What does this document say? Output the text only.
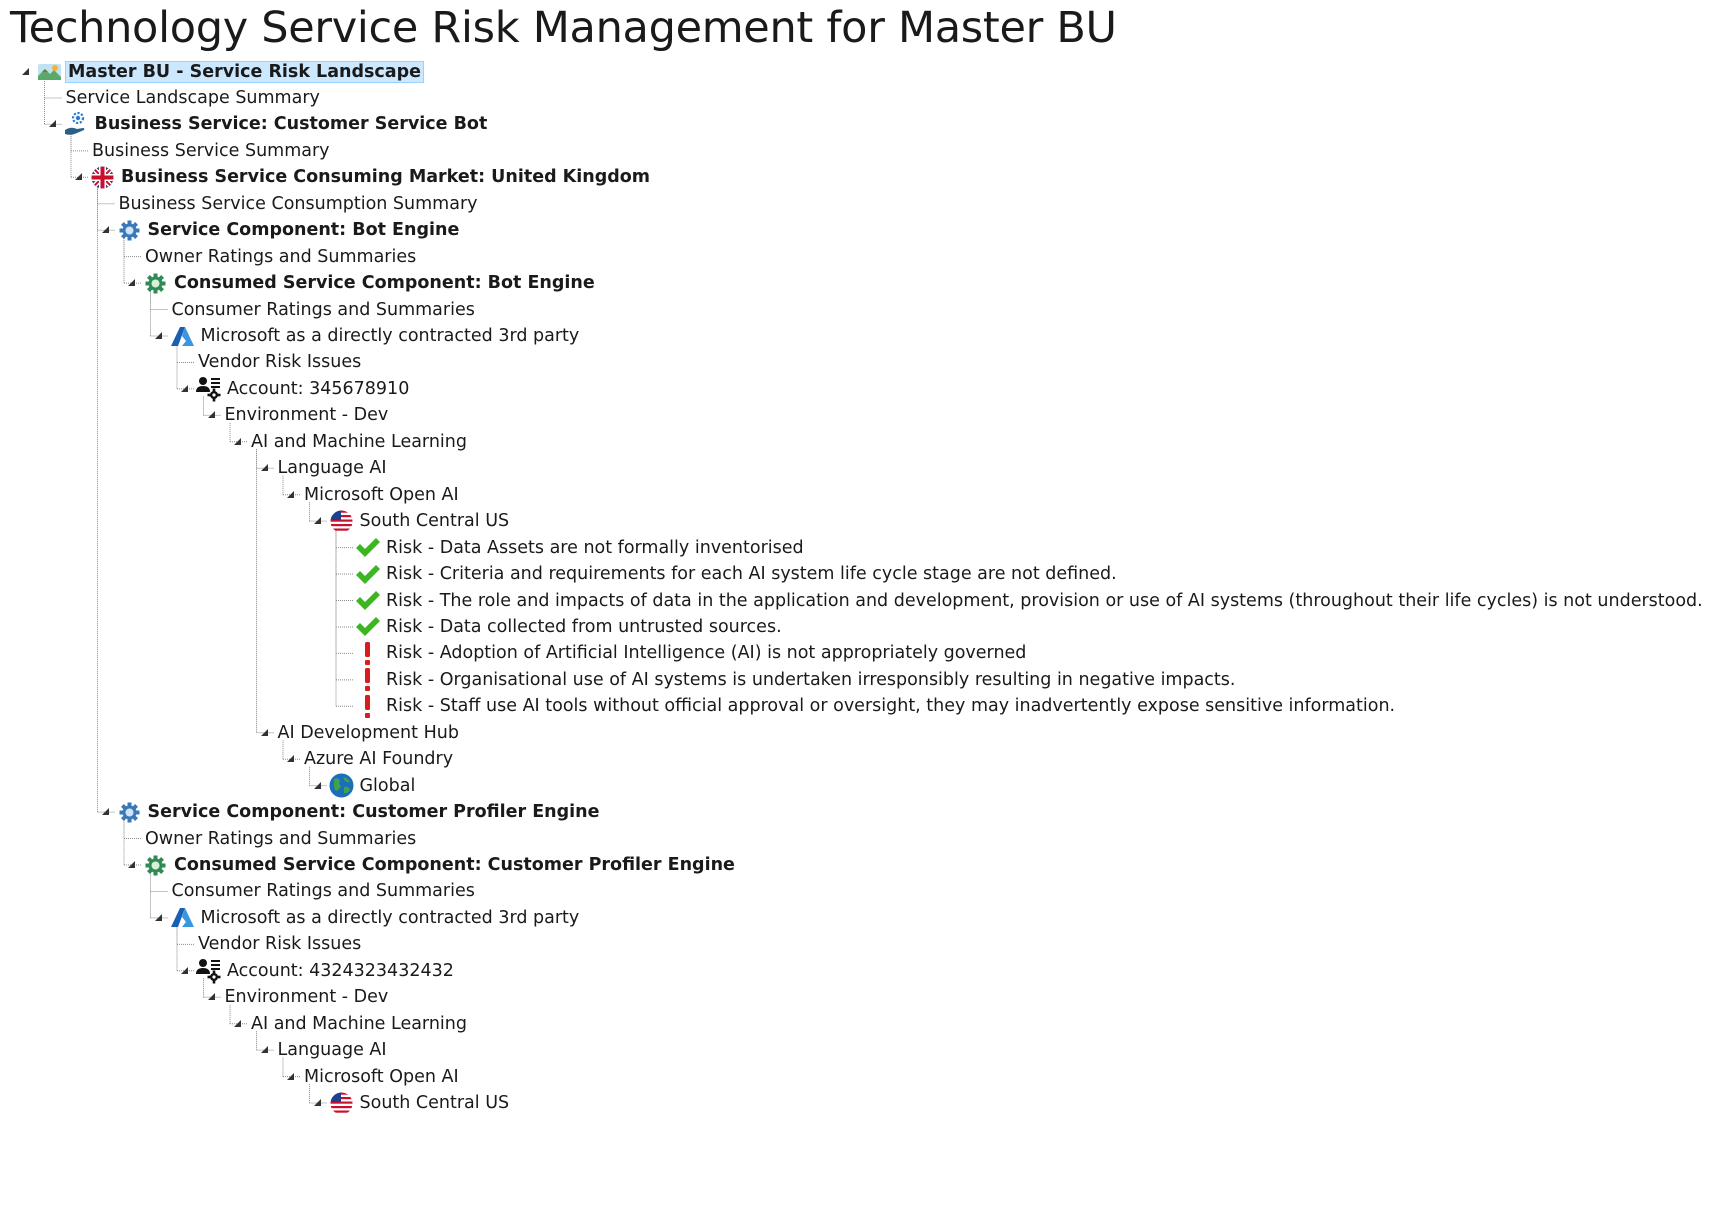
Technology Service Risk Management for Master BU
Master BU - Service Risk Landscape
Service Landscape Summary
Business Service: Customer Service Bot
Business Service Summary
Business Service Consuming Market: United Kingdom
Business Service Consumption Summary
Service Component: Bot Engine
Owner Ratings and Summaries
Consumed Service Component: Bot Engine
Consumer Ratings and Summaries
Microsoft as a directly contracted 3rd party
Vendor Risk Issues
Account: 345678910
Environment - Dev
AI and Machine Learning
Language AI
Microsoft Open AI
South Central US
Risk - Data Assets are not formally inventorised
Risk - Criteria and requirements for each AI system life cycle stage are not defined.
Risk - The role and impacts of data in the application and development, provision or use of AI systems (throughout their life cycles) is not understood.
Risk - Data collected from untrusted sources.
Risk - Adoption of Artificial Intelligence (AI) is not appropriately governed
Risk - Organisational use of AI systems is undertaken irresponsibly resulting in negative impacts.
Risk - Staff use AI tools without official approval or oversight, they may inadvertently expose sensitive information.
AI Development Hub
Azure AI Foundry
Global
Service Component: Customer Profiler Engine
Owner Ratings and Summaries
Consumed Service Component: Customer Profiler Engine
Consumer Ratings and Summaries
Microsoft as a directly contracted 3rd party
Vendor Risk Issues
Account: 4324323432432
Environment - Dev
AI and Machine Learning
Language AI
Microsoft Open AI
South Central US
